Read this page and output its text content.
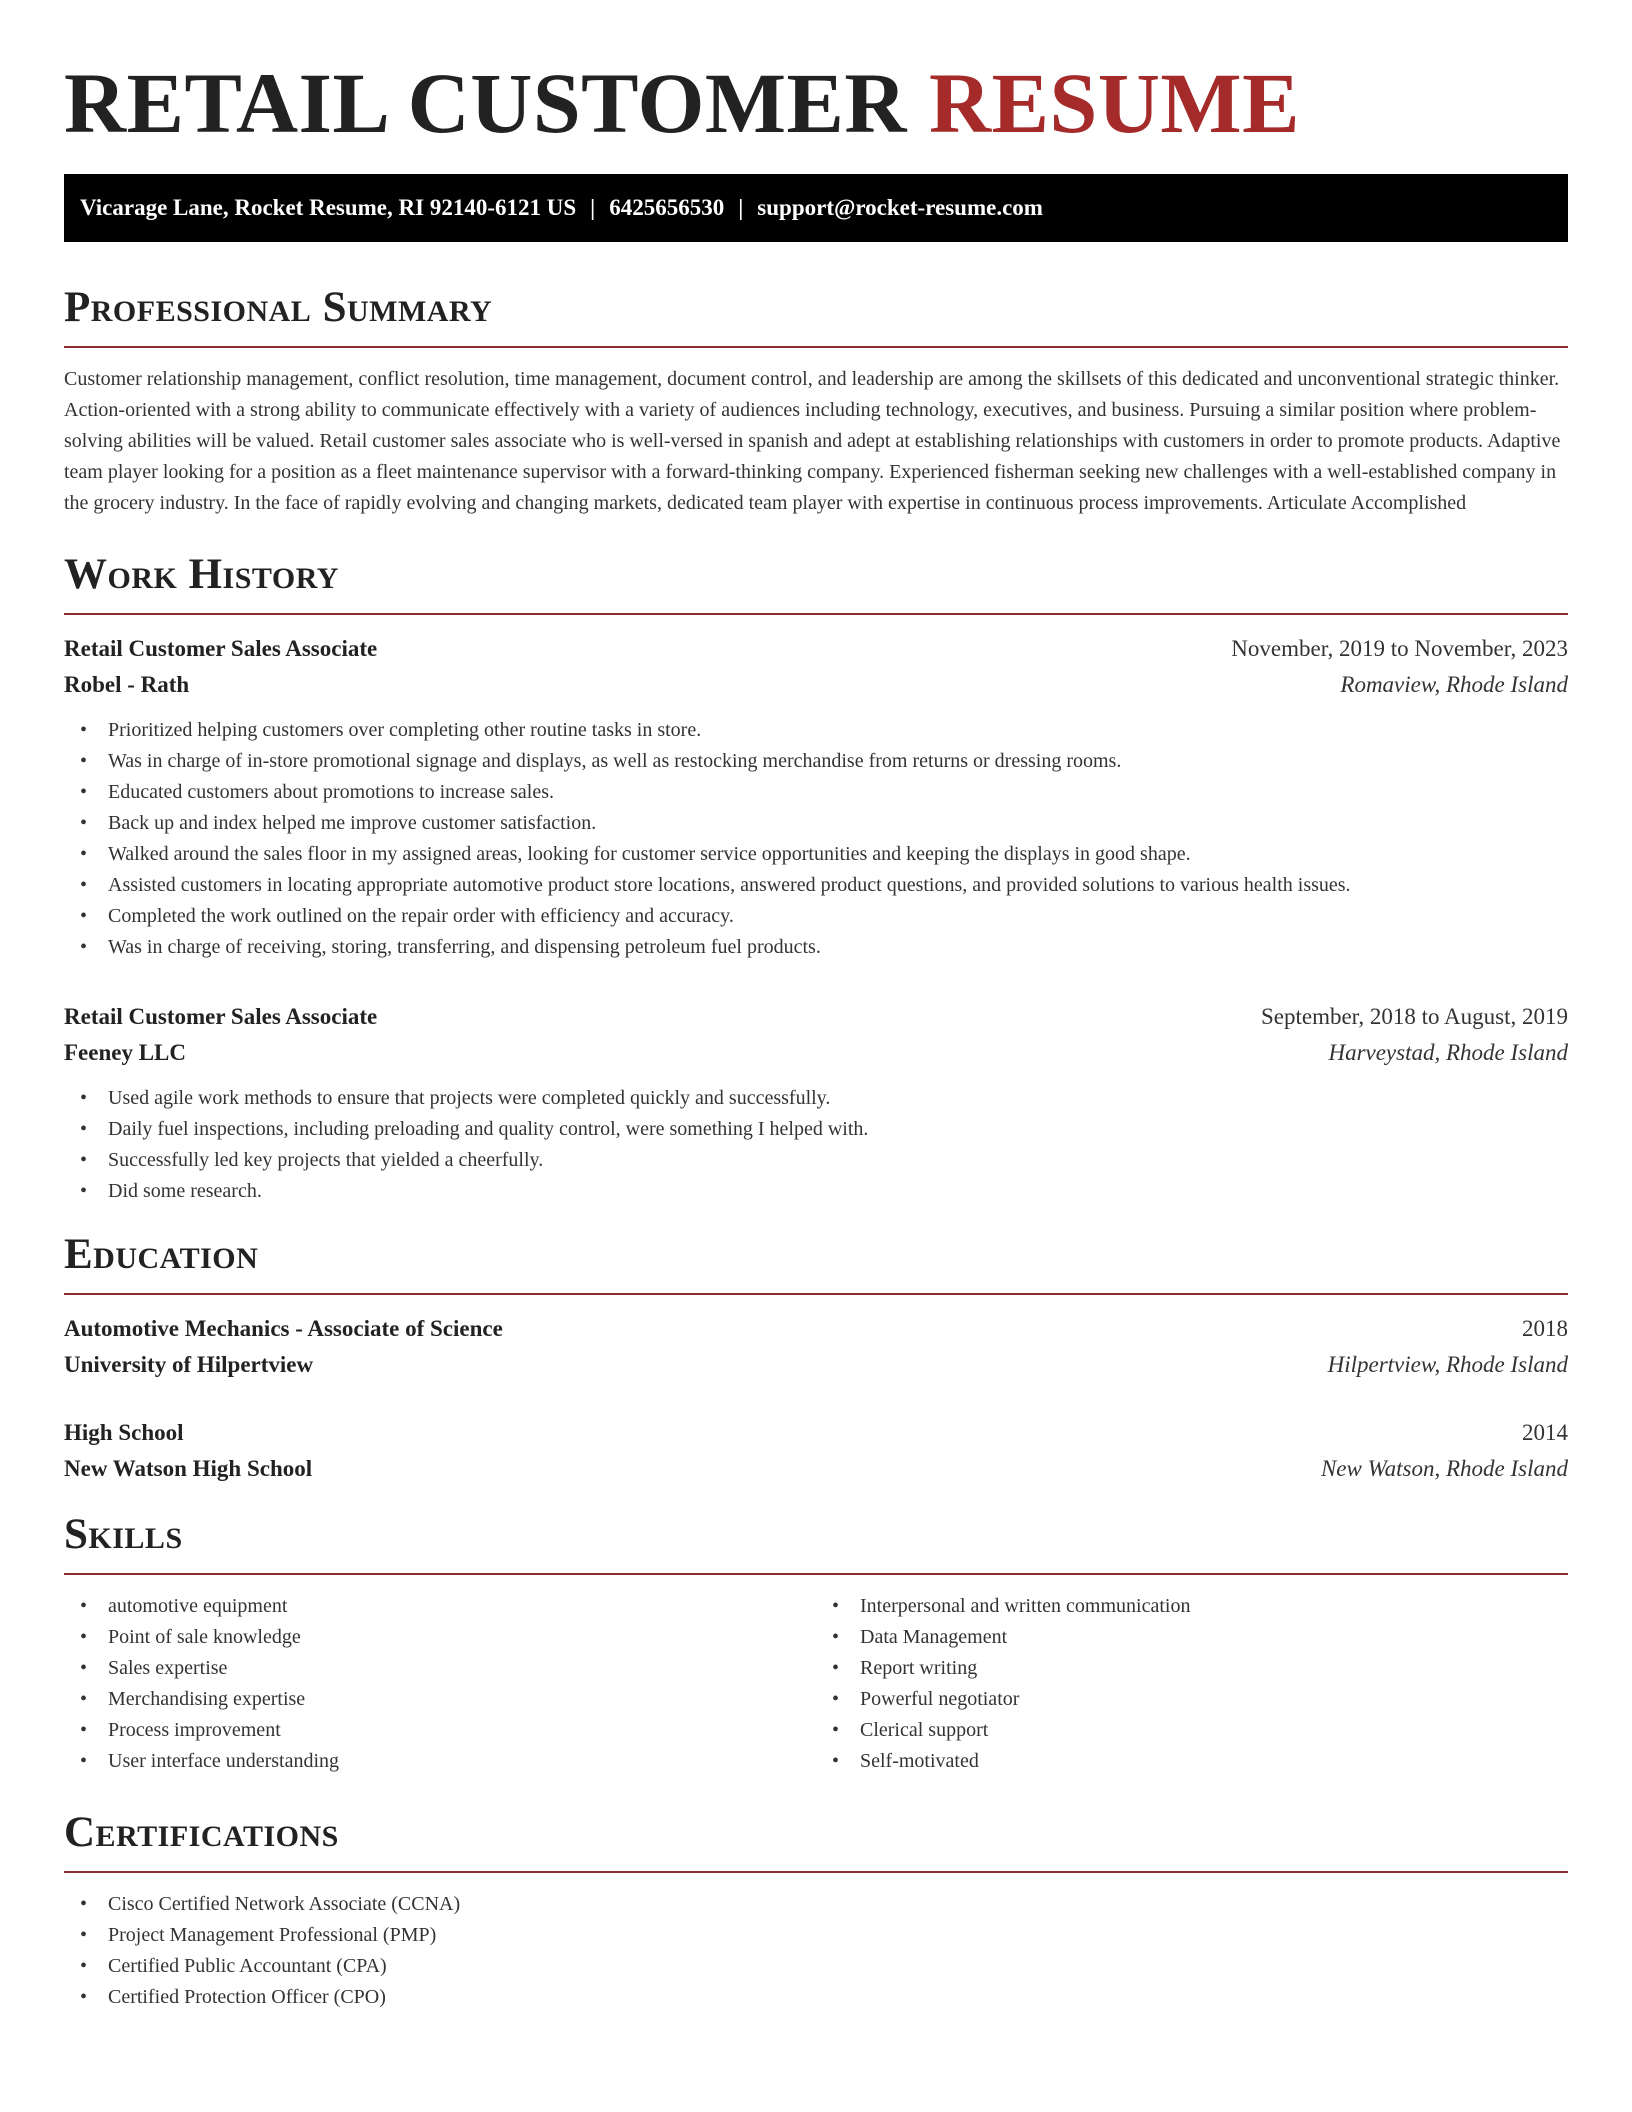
RETAIL CUSTOMER RESUME
Vicarage Lane, Rocket Resume, RI 92140-6121 US | 6425656530 | support@rocket-resume.com
Professional Summary

Customer relationship management, conflict resolution, time management, document control, and leadership are among the skillsets of this dedicated and unconventional strategic thinker. Action-oriented with a strong ability to communicate effectively with a variety of audiences including technology, executives, and business. Pursuing a similar position where problem-solving abilities will be valued. Retail customer sales associate who is well-versed in spanish and adept at establishing relationships with customers in order to promote products. Adaptive team player looking for a position as a fleet maintenance supervisor with a forward-thinking company. Experienced fisherman seeking new challenges with a well-established company in the grocery industry. In the face of rapidly evolving and changing markets, dedicated team player with expertise in continuous process improvements. Articulate Accomplished

Work History
Retail Customer Sales Associate	November, 2019 to November, 2023
Robel - Rath	Romaview, Rhode Island
• Prioritized helping customers over completing other routine tasks in store.
• Was in charge of in-store promotional signage and displays, as well as restocking merchandise from returns or dressing rooms.
• Educated customers about promotions to increase sales.
• Back up and index helped me improve customer satisfaction.
• Walked around the sales floor in my assigned areas, looking for customer service opportunities and keeping the displays in good shape.
• Assisted customers in locating appropriate automotive product store locations, answered product questions, and provided solutions to various health issues.
• Completed the work outlined on the repair order with efficiency and accuracy.
• Was in charge of receiving, storing, transferring, and dispensing petroleum fuel products.
Retail Customer Sales Associate	September, 2018 to August, 2019
Feeney LLC	Harveystad, Rhode Island
• Used agile work methods to ensure that projects were completed quickly and successfully.
• Daily fuel inspections, including preloading and quality control, were something I helped with.
• Successfully led key projects that yielded a cheerfully.
• Did some research.
Education
Automotive Mechanics - Associate of Science	2018
University of Hilpertview	Hilpertview, Rhode Island
High School	2014
New Watson High School	New Watson, Rhode Island
Skills
• automotive equipment
• Point of sale knowledge
• Sales expertise
• Merchandising expertise
• Process improvement
• User interface understanding
• Interpersonal and written communication
• Data Management
• Report writing
• Powerful negotiator
• Clerical support
• Self-motivated
Certifications
• Cisco Certified Network Associate (CCNA)
• Project Management Professional (PMP)
• Certified Public Accountant (CPA)
• Certified Protection Officer (CPO)
